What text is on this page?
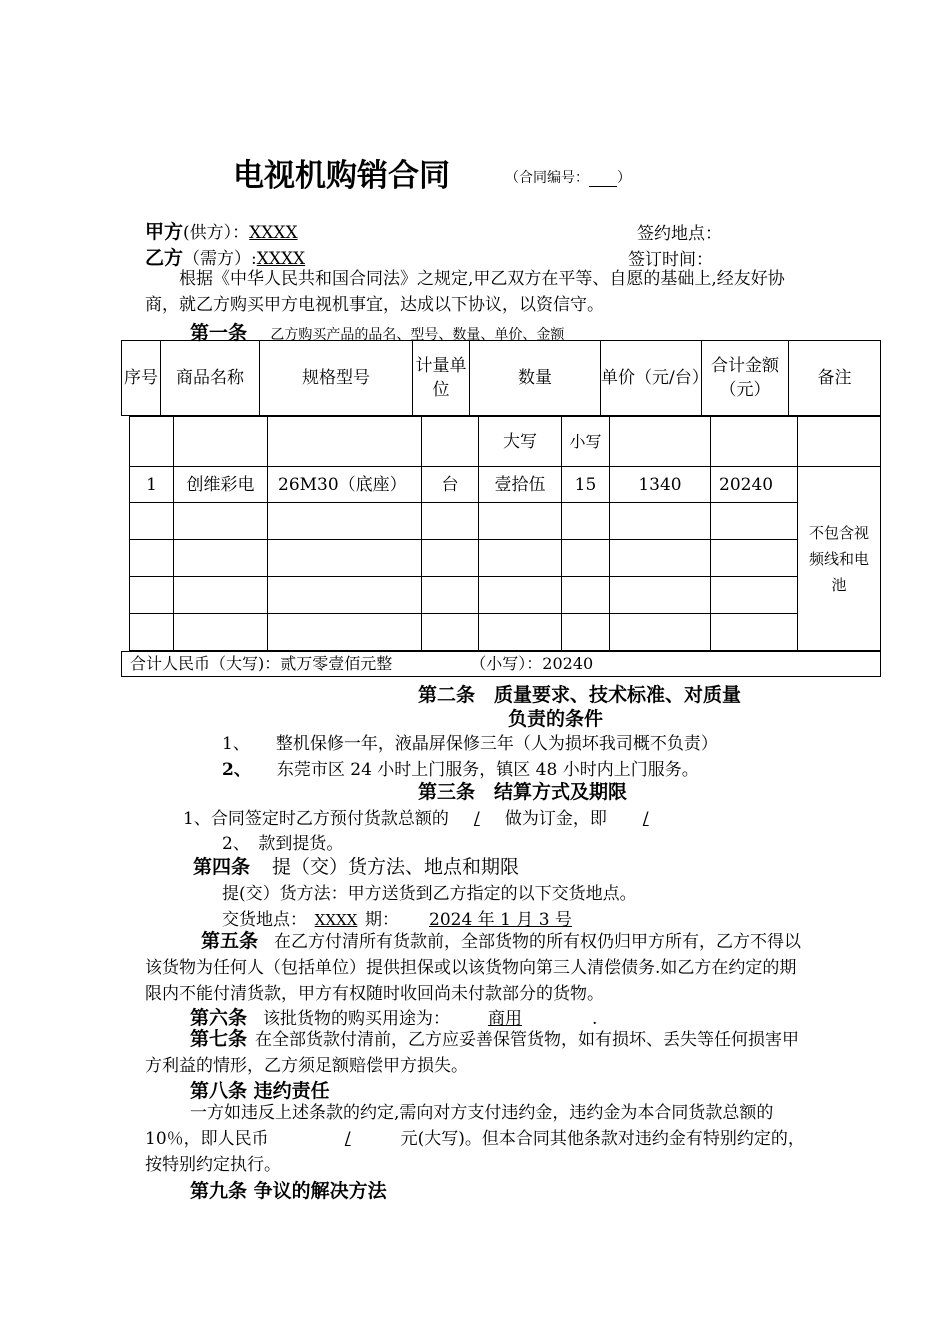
电视机购销合同	（合同编号： ）
甲方(供方）：XXXX	签约地点：
乙方（需方）:XXXX	签订时间：
根据《中华人民共和国合同法》之规定,甲乙双方在平等、自愿的基础上,经友好协商，就乙方购买甲方电视机事宜，达成以下协议，以资信守。
第一条 乙方购买产品的品名、型号、数量、单价、金额
序号	商品名称	规格型号	计量单位	数量	单价（元/台）	合计金额（元）	备注
				大写	小写			
1	创维彩电	26M30（底座）	台	壹拾伍	15	1340	20240	不包含视频线和电池

合计人民币（大写)：贰万零壹佰元整	（小写）：20240
第二条　质量要求、技术标准、对质量
负责的条件
1、 整机保修一年，液晶屏保修三年（人为损坏我司概不负责）
2、 东莞市区 24 小时上门服务，镇区 48 小时内上门服务。
第三条　结算方式及期限
1、合同签定时乙方预付货款总额的 / 做为订金，即 /
2、　款到提货。
第四条 提（交）货方法、地点和期限
提(交）货方法：甲方送货到乙方指定的以下交货地点。
交货地点： XXXX 期： 2024 年 1 月 3 号
第五条 在乙方付清所有货款前，全部货物的所有权仍归甲方所有，乙方不得以该货物为任何人（包括单位）提供担保或以该货物向第三人清偿债务.如乙方在约定的期限内不能付清货款，甲方有权随时收回尚未付款部分的货物。
第六条 该批货物的购买用途为： 商用	.
第七条 在全部货款付清前，乙方应妥善保管货物，如有损坏、丢失等任何损害甲方利益的情形，乙方须足额赔偿甲方损失。
第八条 违约责任
一方如违反上述条款的约定,需向对方支付违约金，违约金为本合同货款总额的 10％，即人民币	/	元(大写)。但本合同其他条款对违约金有特别约定的，按特别约定执行。
第九条 争议的解决方法
